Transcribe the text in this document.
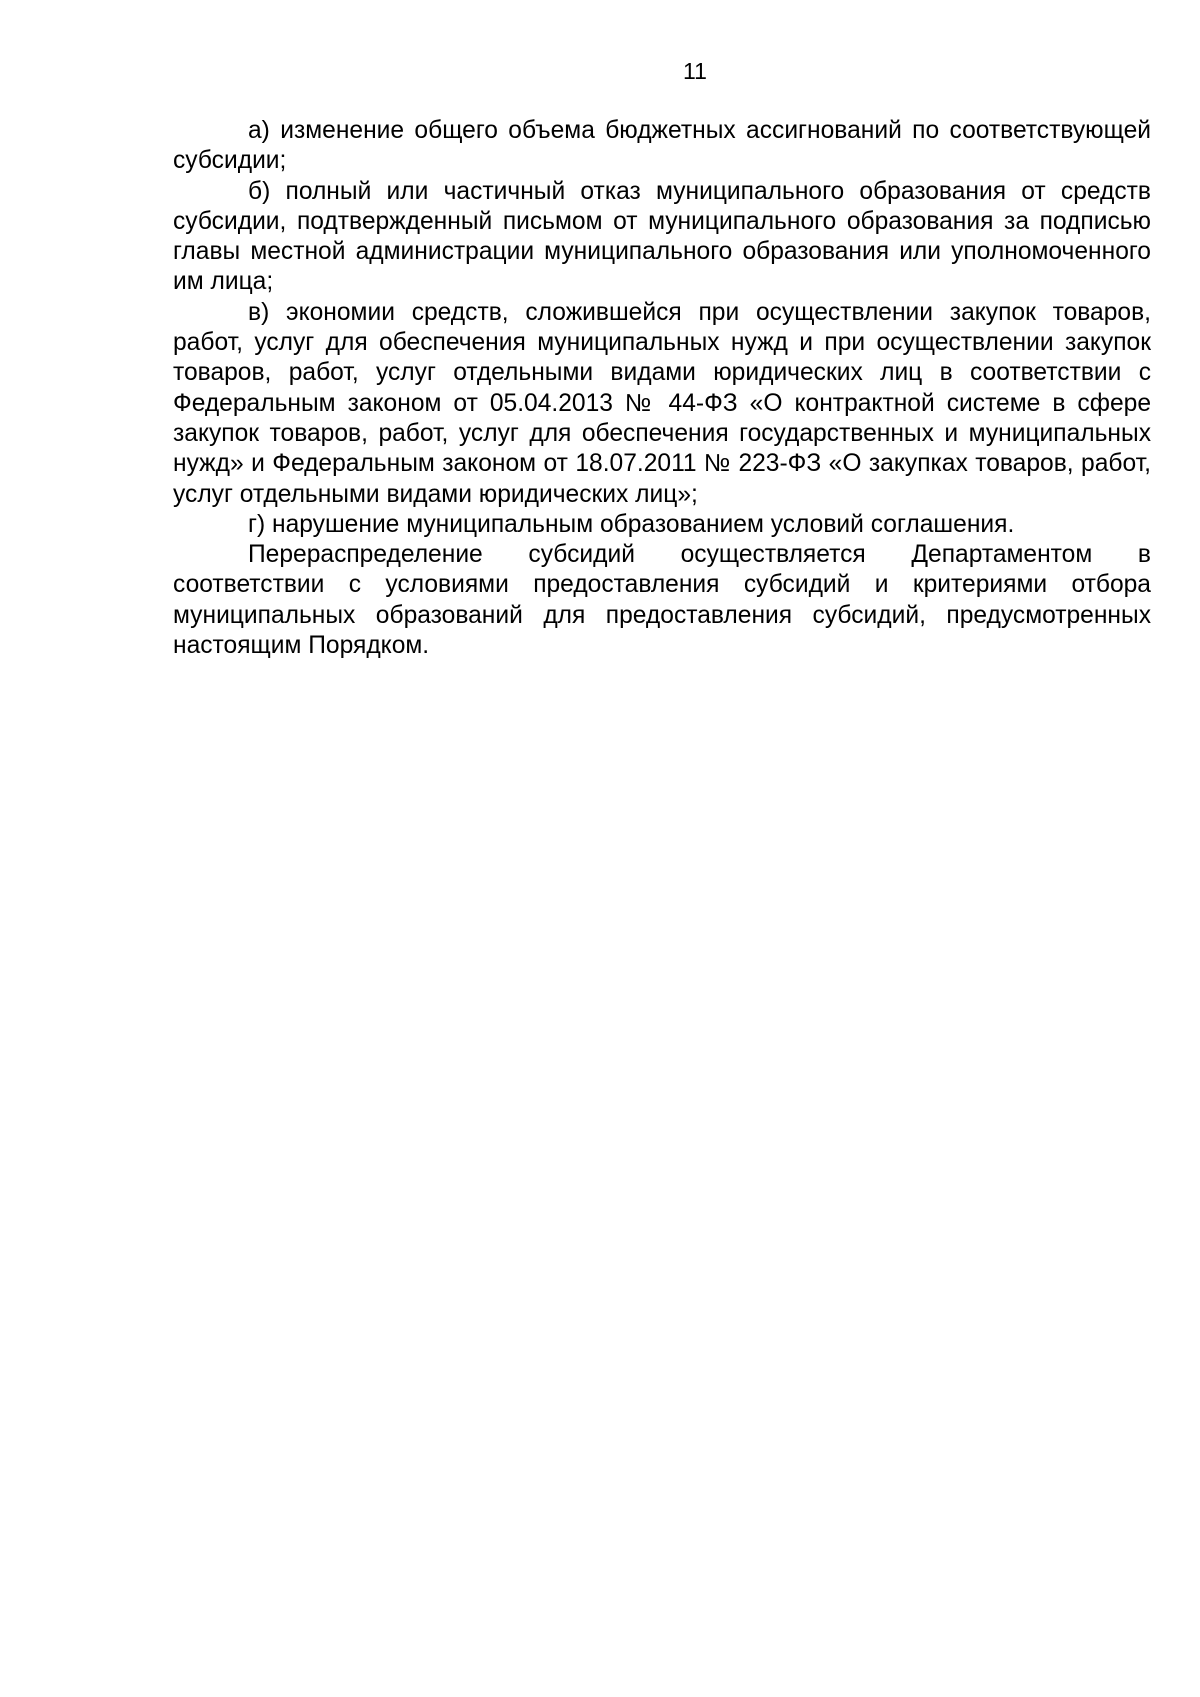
11

а) изменение общего объема бюджетных ассигнований по соответствующей субсидии;

б) полный или частичный отказ муниципального образования от средств субсидии, подтвержденный письмом от муниципального образования за подписью главы местной администрации муниципального образования или уполномоченного им лица;

в) экономии средств, сложившейся при осуществлении закупок товаров, работ, услуг для обеспечения муниципальных нужд и при осуществлении закупок товаров, работ, услуг отдельными видами юридических лиц в соответствии с Федеральным законом от 05.04.2013 № 44-ФЗ «О контрактной системе в сфере закупок товаров, работ, услуг для обеспечения государственных и муниципальных нужд» и Федеральным законом от 18.07.2011 № 223-ФЗ «О закупках товаров, работ, услуг отдельными видами юридических лиц»;

г) нарушение муниципальным образованием условий соглашения.

Перераспределение субсидий осуществляется Департаментом в соответствии с условиями предоставления субсидий и критериями отбора муниципальных образований для предоставления субсидий, предусмотренных настоящим Порядком.
